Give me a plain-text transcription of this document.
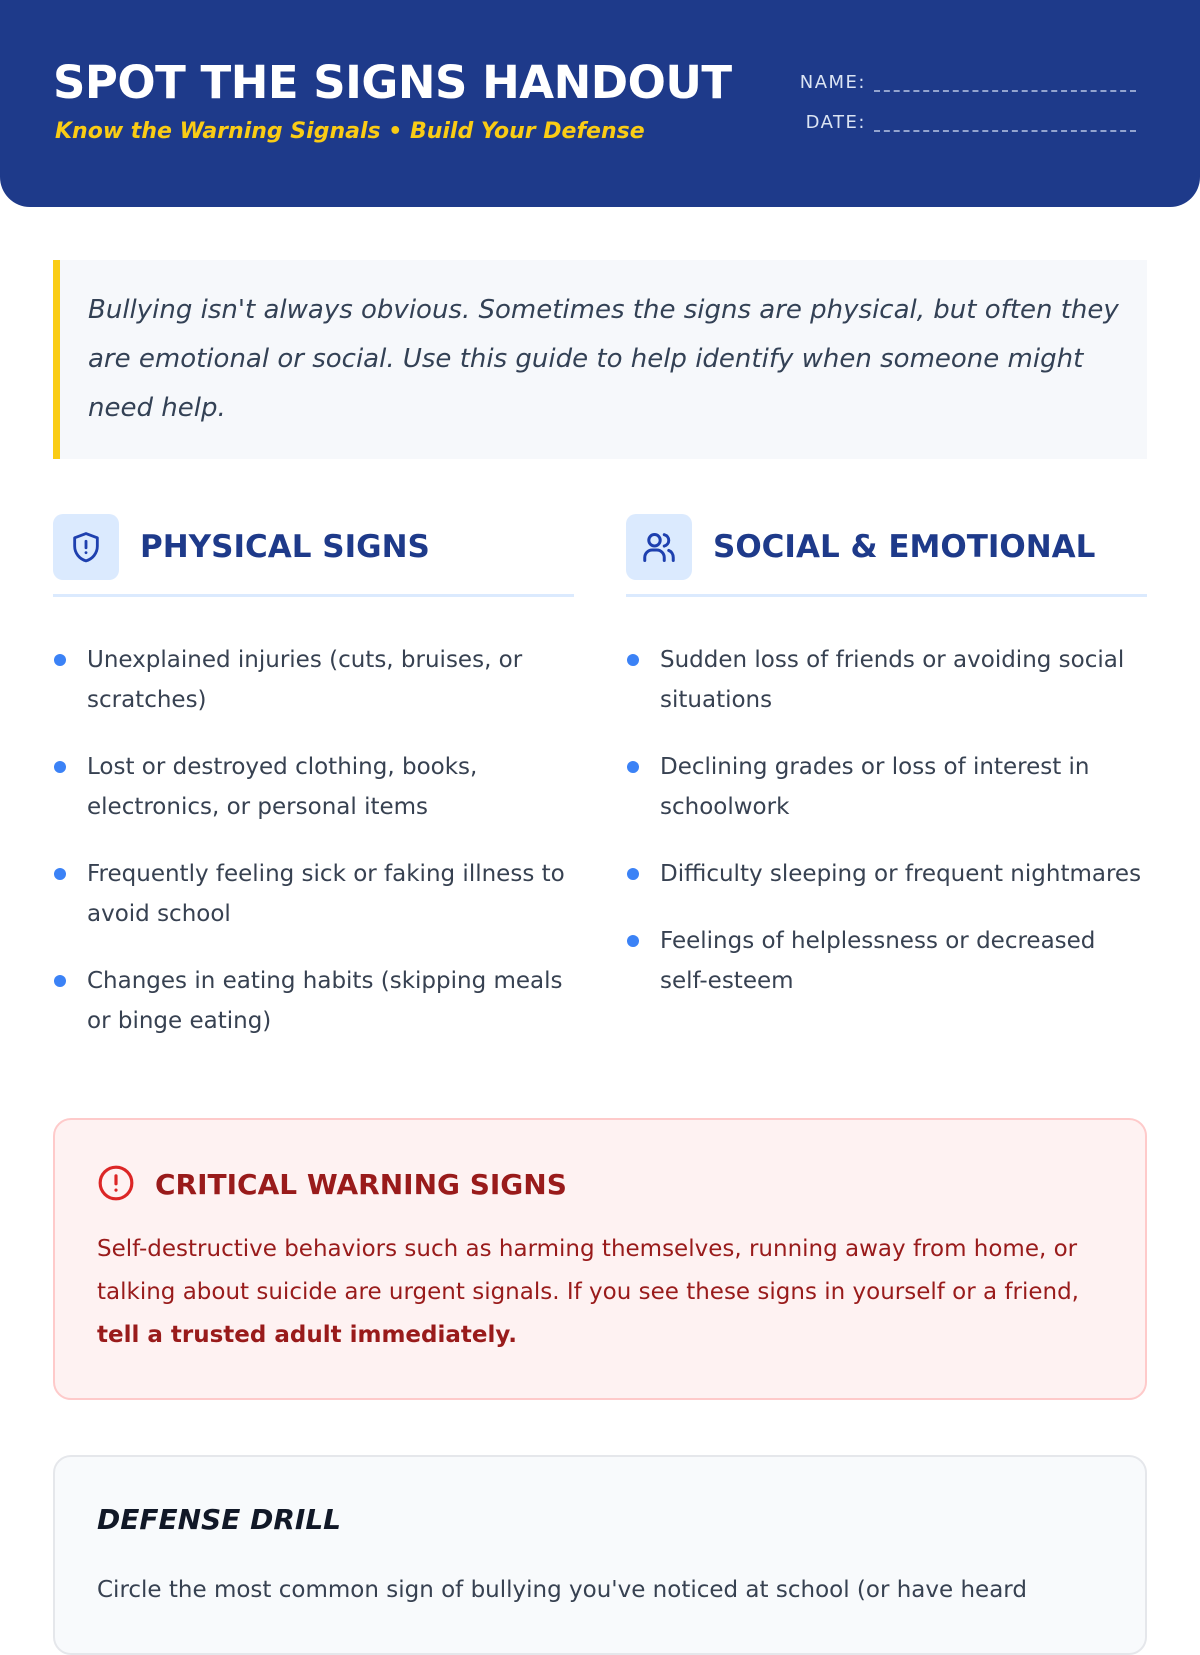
SPOT THE SIGNS HANDOUT
Know the Warning Signals • Build Your Defense
NAME:
DATE:

Bullying isn't always obvious. Sometimes the signs are physical, but often they are emotional or social. Use this guide to help identify when someone might need help.

PHYSICAL SIGNS
Unexplained injuries (cuts, bruises, or scratches)
Lost or destroyed clothing, books, electronics, or personal items
Frequently feeling sick or faking illness to avoid school
Changes in eating habits (skipping meals or binge eating)
SOCIAL & EMOTIONAL
Sudden loss of friends or avoiding social situations
Declining grades or loss of interest in schoolwork
Difficulty sleeping or frequent nightmares
Feelings of helplessness or decreased self-esteem
CRITICAL WARNING SIGNS

Self-destructive behaviors such as harming themselves, running away from home, or talking about suicide are urgent signals. If you see these signs in yourself or a friend, tell a trusted adult immediately.

DEFENSE DRILL

Circle the most common sign of bullying you've noticed at school (or have heard
